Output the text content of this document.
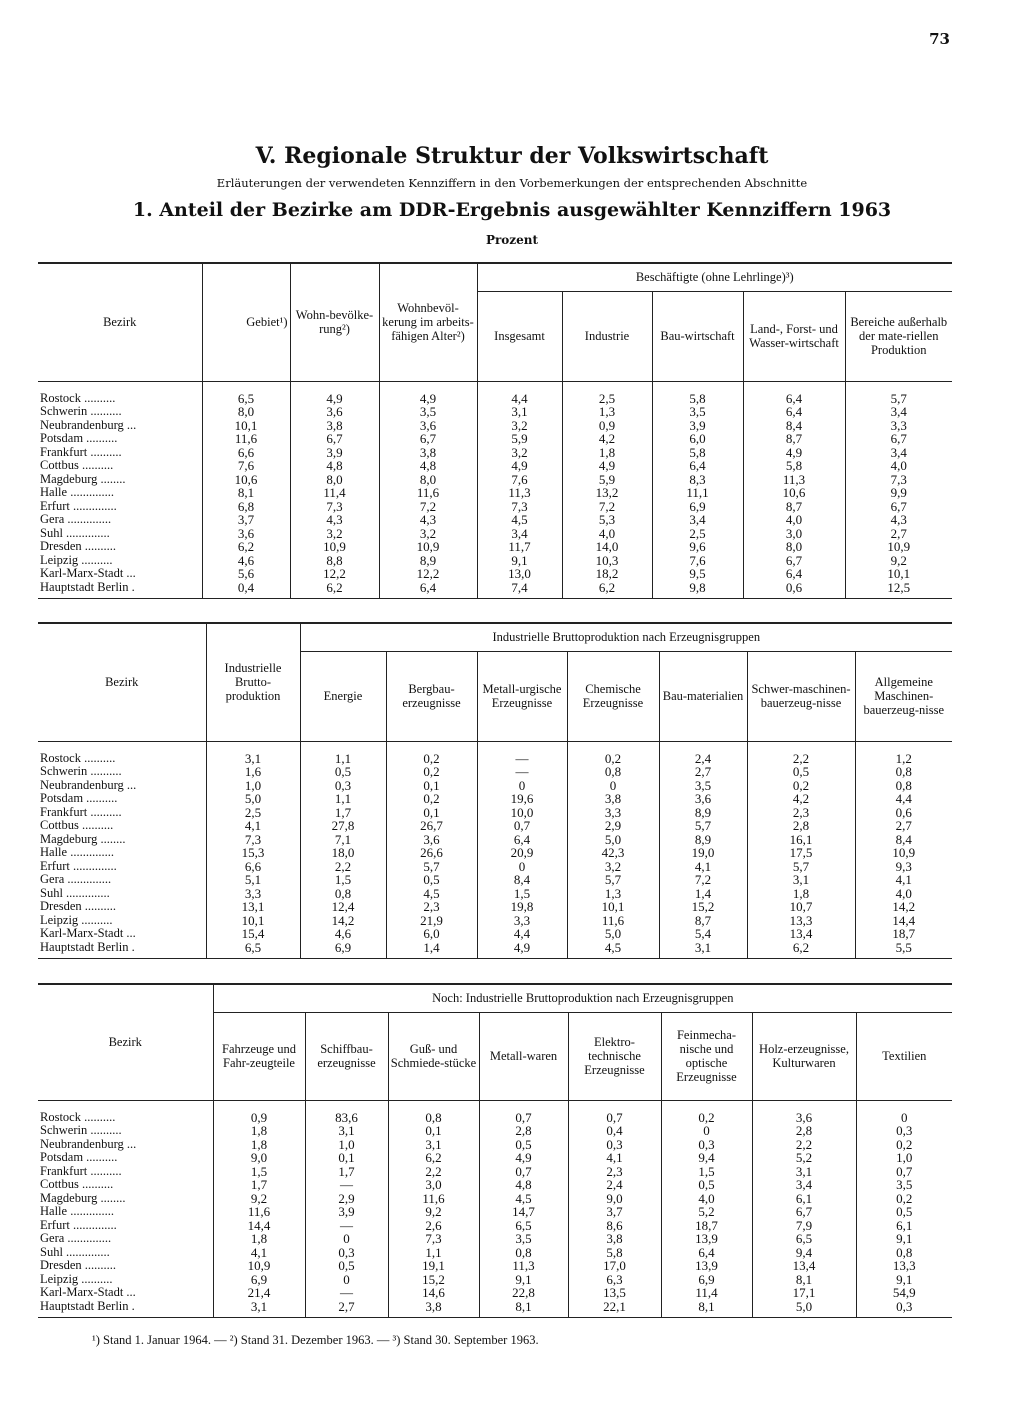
73
V. Regionale Struktur der Volkswirtschaft
Erläuterungen der verwendeten Kennziffern in den Vorbemerkungen der entsprechenden Abschnitte
1. Anteil der Bezirke am DDR-Ergebnis ausgewählter Kennziffern 1963
Prozent
Bezirk	Gebiet¹)	Wohn-bevölke-rung²)	Wohnbevöl-kerung im arbeits-fähigen Alter²)	Beschäftigte (ohne Lehrlinge)³)				
				Insgesamt	Industrie	Bau-wirtschaft	Land-, Forst- und Wasser-wirtschaft	Bereiche außerhalb der mate-riellen Produktion
Rostock ..........	6,5	4,9	4,9	4,4	2,5	5,8	6,4	5,7
Schwerin ..........	8,0	3,6	3,5	3,1	1,3	3,5	6,4	3,4
Neubrandenburg ...	10,1	3,8	3,6	3,2	0,9	3,9	8,4	3,3
Potsdam ..........	11,6	6,7	6,7	5,9	4,2	6,0	8,7	6,7
Frankfurt ..........	6,6	3,9	3,8	3,2	1,8	5,8	4,9	3,4
Cottbus ..........	7,6	4,8	4,8	4,9	4,9	6,4	5,8	4,0
Magdeburg ........	10,6	8,0	8,0	7,6	5,9	8,3	11,3	7,3
Halle ..............	8,1	11,4	11,6	11,3	13,2	11,1	10,6	9,9
Erfurt ..............	6,8	7,3	7,2	7,3	7,2	6,9	8,7	6,7
Gera ..............	3,7	4,3	4,3	4,5	5,3	3,4	4,0	4,3
Suhl ..............	3,6	3,2	3,2	3,4	4,0	2,5	3,0	2,7
Dresden ..........	6,2	10,9	10,9	11,7	14,0	9,6	8,0	10,9
Leipzig ..........	4,6	8,8	8,9	9,1	10,3	7,6	6,7	9,2
Karl-Marx-Stadt ...	5,6	12,2	12,2	13,0	18,2	9,5	6,4	10,1
Hauptstadt Berlin .	0,4	6,2	6,4	7,4	6,2	9,8	0,6	12,5
Bezirk	Industrielle Brutto-produktion	Industrielle Bruttoproduktion nach Erzeugnisgruppen						
		Energie	Bergbau-erzeugnisse	Metall-urgische Erzeugnisse	Chemische Erzeugnisse	Bau-materialien	Schwer-maschinen-bauerzeug-nisse	Allgemeine Maschinen-bauerzeug-nisse
Rostock ..........	3,1	1,1	0,2	—	0,2	2,4	2,2	1,2
Schwerin ..........	1,6	0,5	0,2	—	0,8	2,7	0,5	0,8
Neubrandenburg ...	1,0	0,3	0,1	0	0	3,5	0,2	0,8
Potsdam ..........	5,0	1,1	0,2	19,6	3,8	3,6	4,2	4,4
Frankfurt ..........	2,5	1,7	0,1	10,0	3,3	8,9	2,3	0,6
Cottbus ..........	4,1	27,8	26,7	0,7	2,9	5,7	2,8	2,7
Magdeburg ........	7,3	7,1	3,6	6,4	5,0	8,9	16,1	8,4
Halle ..............	15,3	18,0	26,6	20,9	42,3	19,0	17,5	10,9
Erfurt ..............	6,6	2,2	5,7	0	3,2	4,1	5,7	9,3
Gera ..............	5,1	1,5	0,5	8,4	5,7	7,2	3,1	4,1
Suhl ..............	3,3	0,8	4,5	1,5	1,3	1,4	1,8	4,0
Dresden ..........	13,1	12,4	2,3	19,8	10,1	15,2	10,7	14,2
Leipzig ..........	10,1	14,2	21,9	3,3	11,6	8,7	13,3	14,4
Karl-Marx-Stadt ...	15,4	4,6	6,0	4,4	5,0	5,4	13,4	18,7
Hauptstadt Berlin .	6,5	6,9	1,4	4,9	4,5	3,1	6,2	5,5
Bezirk	Noch: Industrielle Bruttoproduktion nach Erzeugnisgruppen							
	Fahrzeuge und Fahr-zeugteile	Schiffbau-erzeugnisse	Guß- und Schmiede-stücke	Metall-waren	Elektro-technische Erzeugnisse	Feinmecha-nische und optische Erzeugnisse	Holz-erzeugnisse, Kulturwaren	Textilien
Rostock ..........	0,9	83,6	0,8	0,7	0,7	0,2	3,6	0
Schwerin ..........	1,8	3,1	0,1	2,8	0,4	0	2,8	0,3
Neubrandenburg ...	1,8	1,0	3,1	0,5	0,3	0,3	2,2	0,2
Potsdam ..........	9,0	0,1	6,2	4,9	4,1	9,4	5,2	1,0
Frankfurt ..........	1,5	1,7	2,2	0,7	2,3	1,5	3,1	0,7
Cottbus ..........	1,7	—	3,0	4,8	2,4	0,5	3,4	3,5
Magdeburg ........	9,2	2,9	11,6	4,5	9,0	4,0	6,1	0,2
Halle ..............	11,6	3,9	9,2	14,7	3,7	5,2	6,7	0,5
Erfurt ..............	14,4	—	2,6	6,5	8,6	18,7	7,9	6,1
Gera ..............	1,8	0	7,3	3,5	3,8	13,9	6,5	9,1
Suhl ..............	4,1	0,3	1,1	0,8	5,8	6,4	9,4	0,8
Dresden ..........	10,9	0,5	19,1	11,3	17,0	13,9	13,4	13,3
Leipzig ..........	6,9	0	15,2	9,1	6,3	6,9	8,1	9,1
Karl-Marx-Stadt ...	21,4	—	14,6	22,8	13,5	11,4	17,1	54,9
Hauptstadt Berlin .	3,1	2,7	3,8	8,1	22,1	8,1	5,0	0,3
¹) Stand 1. Januar 1964. — ²) Stand 31. Dezember 1963. — ³) Stand 30. September 1963.
